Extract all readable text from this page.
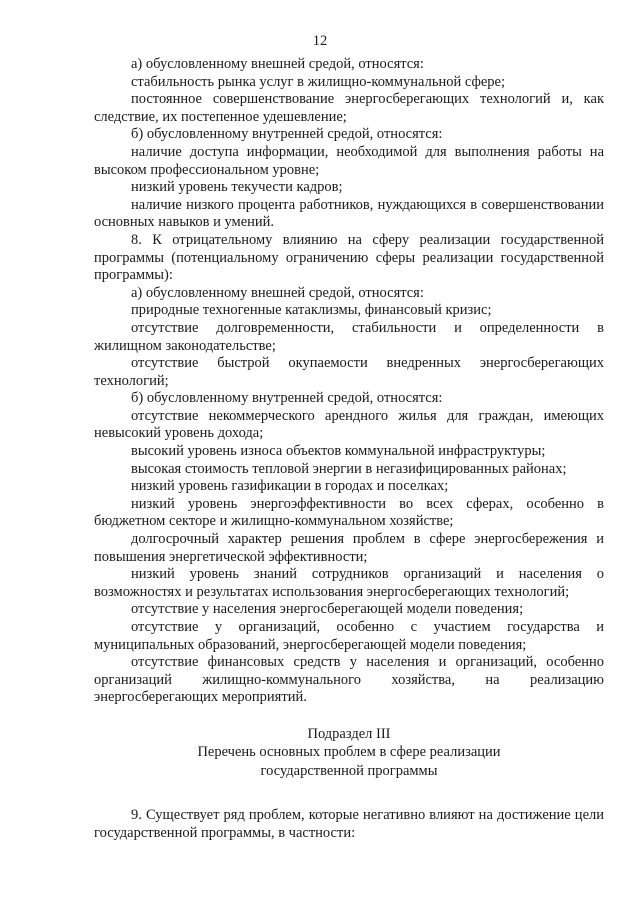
12

а) обусловленному внешней средой, относятся:

стабильность рынка услуг в жилищно-коммунальной сфере;

постоянное совершенствование энергосберегающих технологий и, как следствие, их постепенное удешевление;

б) обусловленному внутренней средой, относятся:

наличие доступа информации, необходимой для выполнения работы на высоком профессиональном уровне;

низкий уровень текучести кадров;

наличие низкого процента работников, нуждающихся в совершенствовании основных навыков и умений.

8. К отрицательному влиянию на сферу реализации государственной программы (потенциальному ограничению сферы реализации государственной программы):

а) обусловленному внешней средой, относятся:

природные техногенные катаклизмы, финансовый кризис;

отсутствие долговременности, стабильности и определенности в жилищном законодательстве;

отсутствие быстрой окупаемости внедренных энергосберегающих технологий;

б) обусловленному внутренней средой, относятся:

отсутствие некоммерческого арендного жилья для граждан, имеющих невысокий уровень дохода;

высокий уровень износа объектов коммунальной инфраструктуры;

высокая стоимость тепловой энергии в негазифицированных районах;

низкий уровень газификации в городах и поселках;

низкий уровень энергоэффективности во всех сферах, особенно в бюджетном секторе и жилищно-коммунальном хозяйстве;

долгосрочный характер решения проблем в сфере энергосбережения и повышения энергетической эффективности;

низкий уровень знаний сотрудников организаций и населения о возможностях и результатах использования энергосберегающих технологий;

отсутствие у населения энергосберегающей модели поведения;

отсутствие у организаций, особенно с участием государства и муниципальных образований, энергосберегающей модели поведения;

отсутствие финансовых средств у населения и организаций, особенно организаций жилищно-коммунального хозяйства, на реализацию энергосберегающих мероприятий.

Подраздел III

Перечень основных проблем в сфере реализации

государственной программы

9. Существует ряд проблем, которые негативно влияют на достижение цели государственной программы, в частности:
